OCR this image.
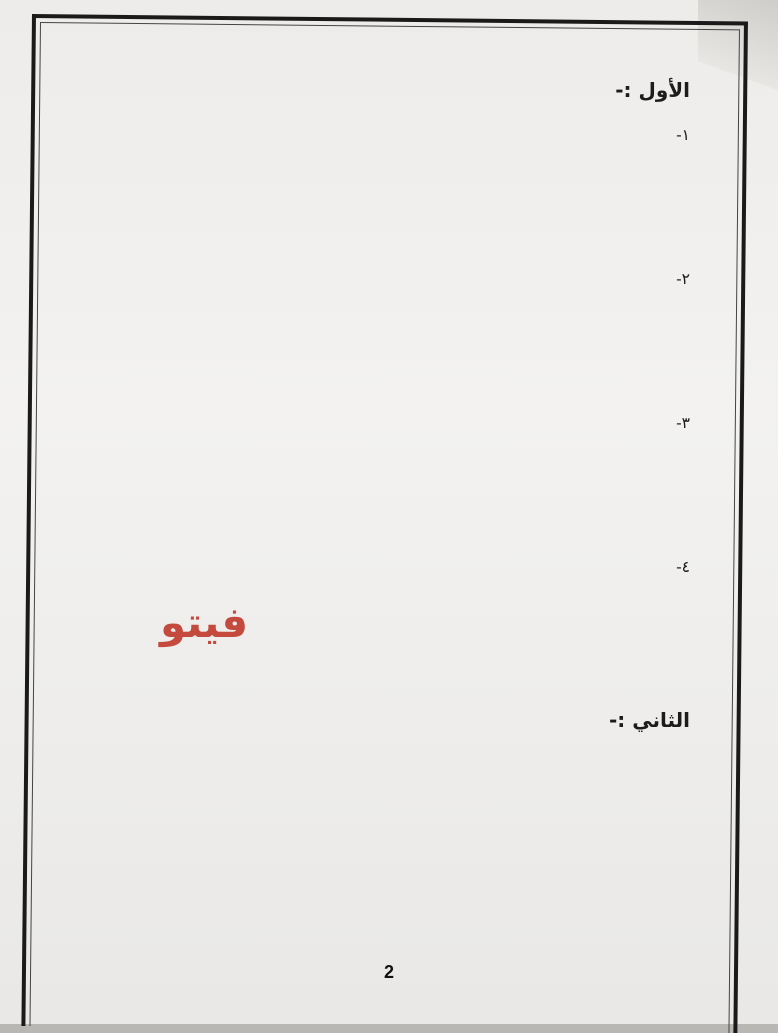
الأول :-
١-
٢-
٣-
٤-
الثاني :-
فيتو
2
